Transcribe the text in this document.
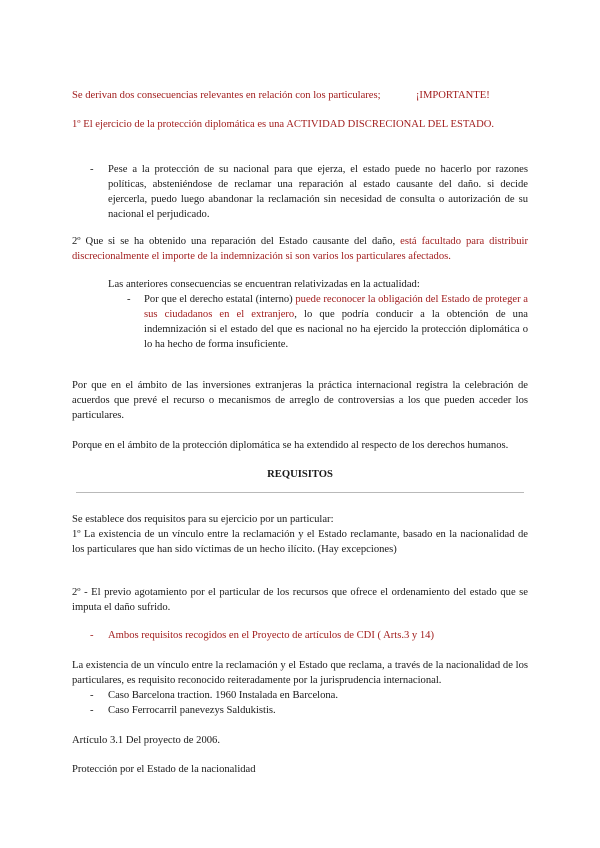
Se derivan dos consecuencias relevantes en relación con los particulares;	¡IMPORTANTE!

1º El ejercicio de la protección diplomática es una ACTIVIDAD DISCRECIONAL DEL ESTADO.

-	Pese a la protección de su nacional para que ejerza, el estado puede no hacerlo por razones políticas, absteniéndose de reclamar una reparación al estado causante del daño. si decide ejercerla, puedo luego abandonar la reclamación sin necesidad de consulta o autorización de su nacional el perjudicado.

2º Que si se ha obtenido una reparación del Estado causante del daño, está facultado para distribuir discrecionalmente el importe de la indemnización si son varios los particulares afectados.

Las anteriores consecuencias se encuentran relativizadas en la actualidad:

-	Por que el derecho estatal (interno) puede reconocer la obligación del Estado de proteger a sus ciudadanos en el extranjero, lo que podría conducir a la obtención de una indemnización si el estado del que es nacional no ha ejercido la protección diplomática o lo ha hecho de forma insuficiente.

Por que en el ámbito de las inversiones extranjeras la práctica internacional registra la celebración de acuerdos que prevé el recurso o mecanismos de arreglo de controversias a los que pueden acceder los particulares.

Porque en el ámbito de la protección diplomática se ha extendido al respecto de los derechos humanos.

REQUISITOS

Se establece dos requisitos para su ejercicio por un particular:

1º La existencia de un vínculo entre la reclamación y el Estado reclamante, basado en la nacionalidad de los particulares que han sido víctimas de un hecho ilícito. (Hay excepciones)

2º - El previo agotamiento por el particular de los recursos que ofrece el ordenamiento del estado que se imputa el daño sufrido.

-	Ambos requisitos recogidos en el Proyecto de artículos de CDI ( Arts.3 y 14)

La existencia de un vínculo entre la reclamación y el Estado que reclama, a través de la nacionalidad de los particulares, es requisito reconocido reiteradamente por la jurisprudencia internacional.

-	Caso Barcelona traction. 1960 Instalada en Barcelona.

-	Caso Ferrocarril panevezys Saldukistis.

Artículo 3.1 Del proyecto de 2006.

Protección por el Estado de la nacionalidad
